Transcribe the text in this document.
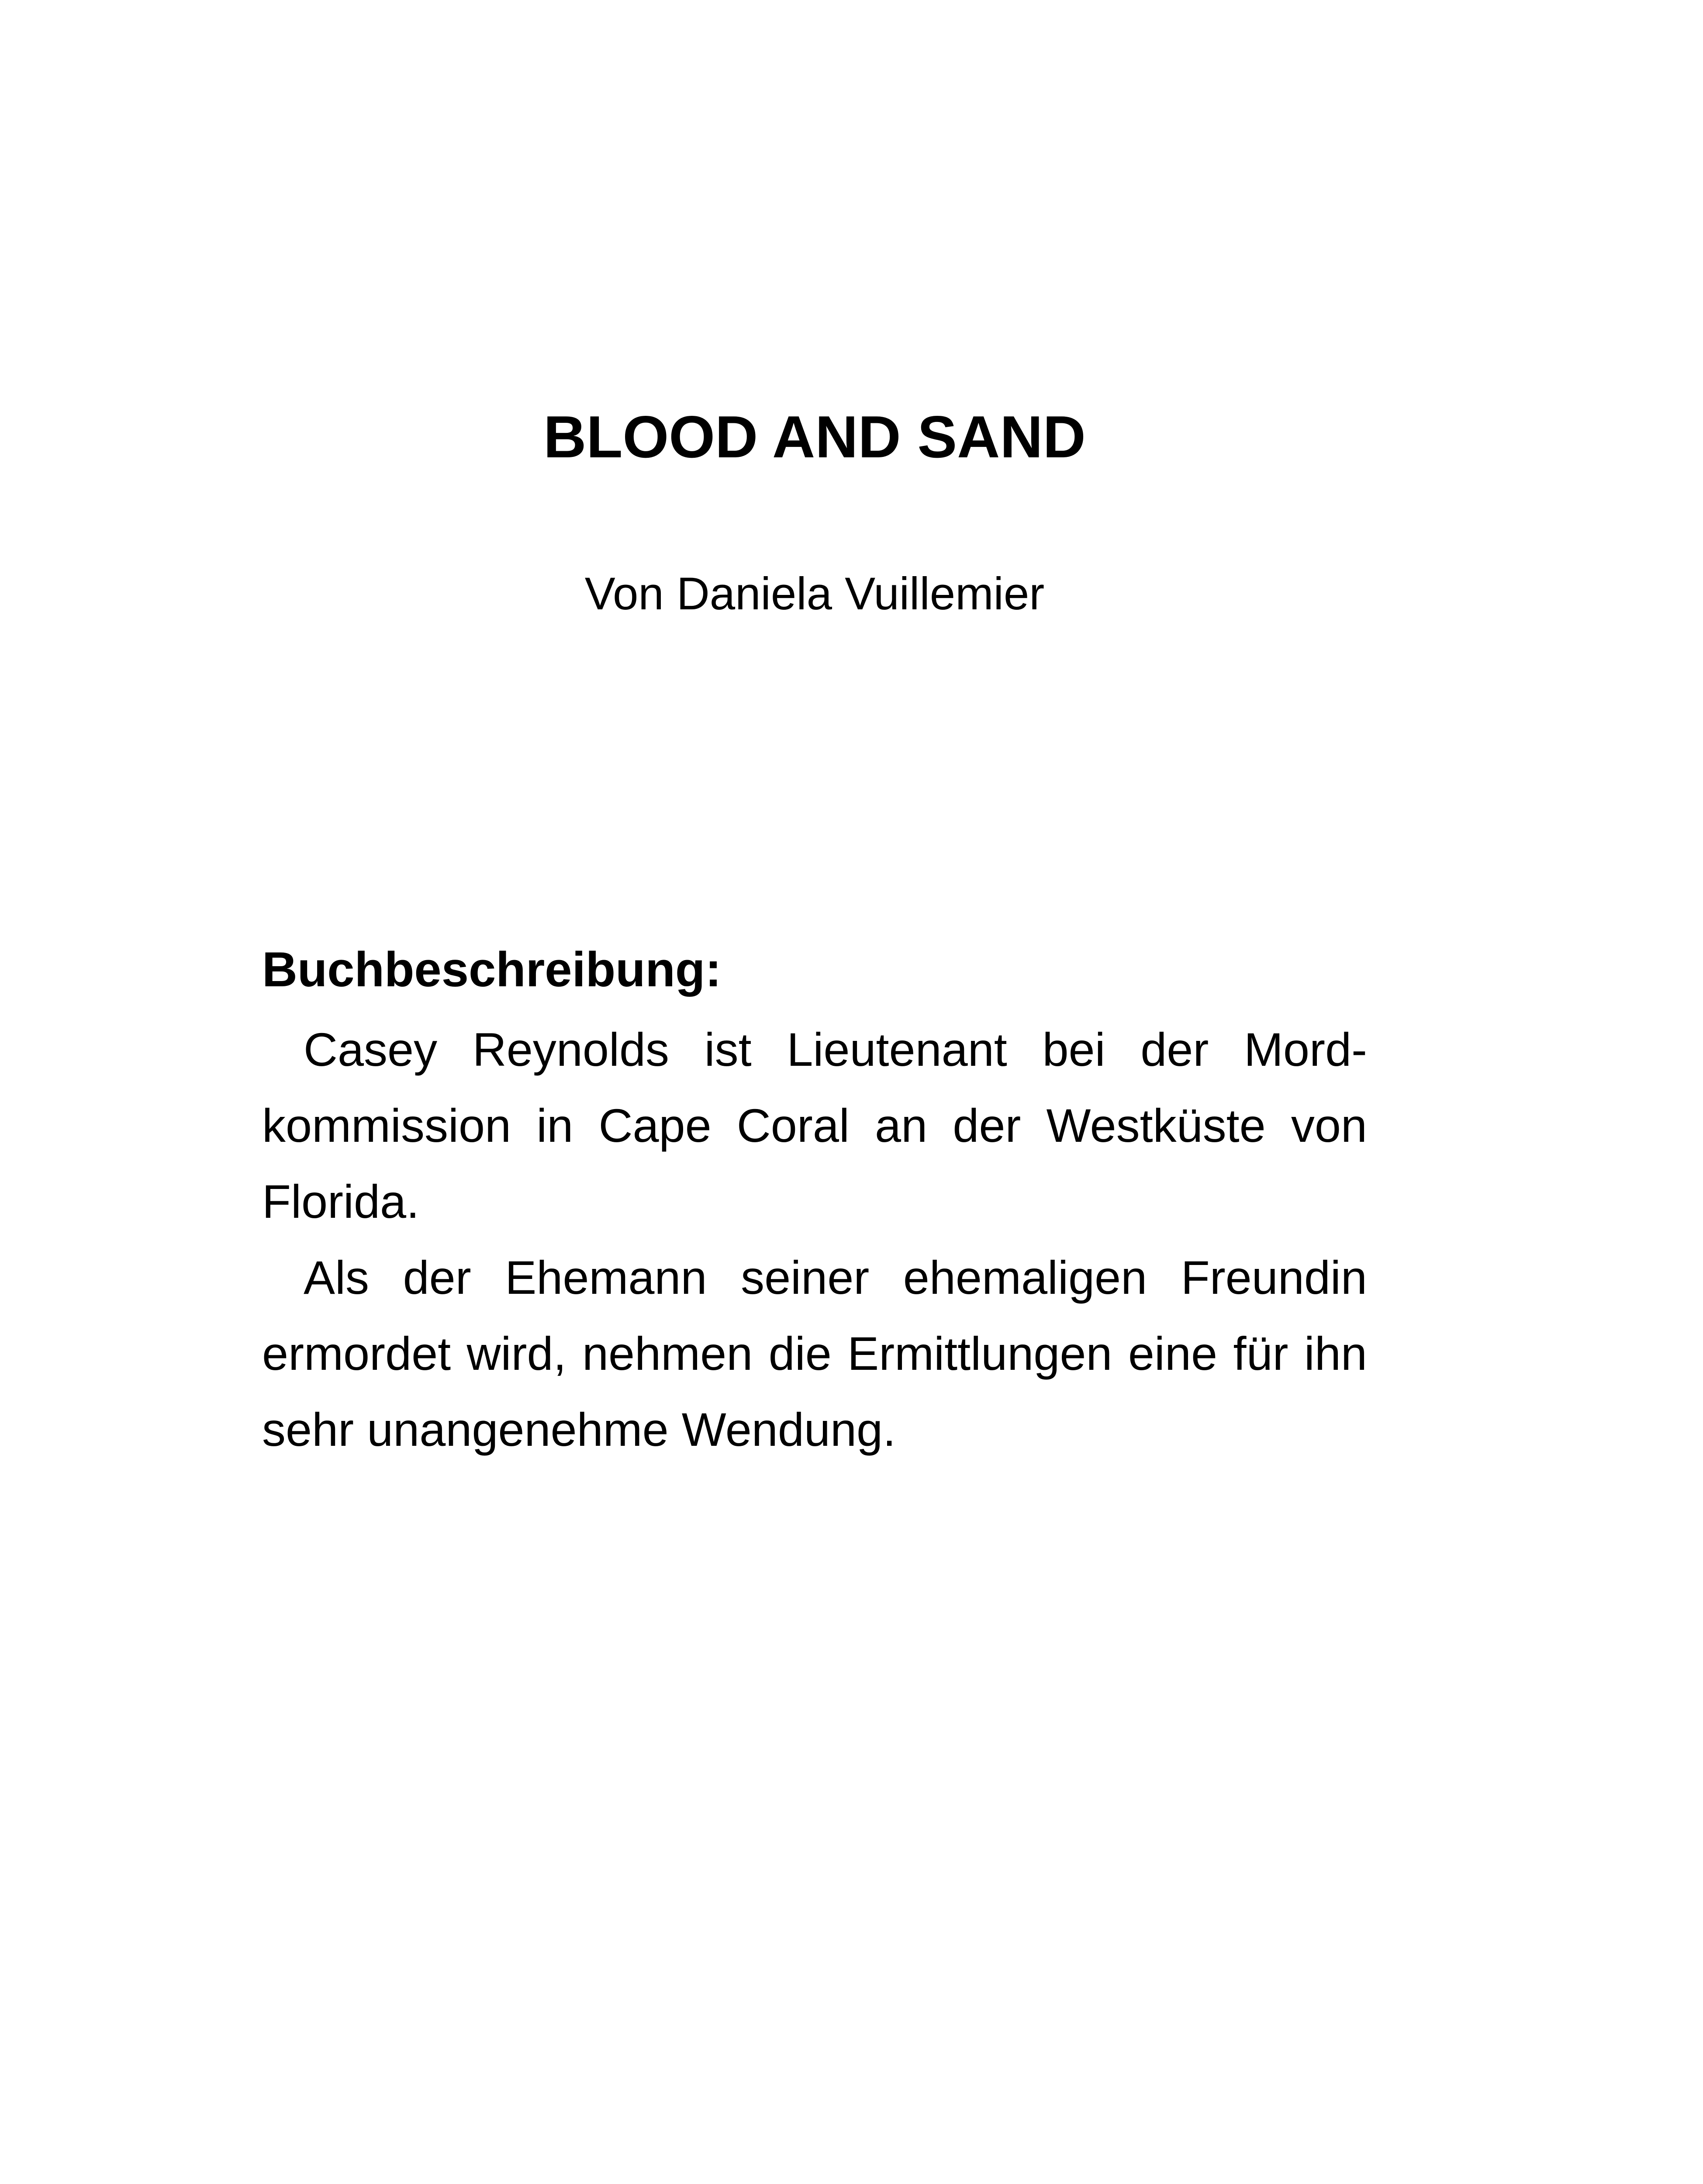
BLOOD AND SAND

Von Daniela Vuillemier

Buchbeschreibung:

Casey Reynolds ist Lieutenant bei der Mordkommission in Cape Coral an der Westküste von Florida.

Als der Ehemann seiner ehemaligen Freundin ermordet wird, nehmen die Ermittlungen eine für ihn sehr unangenehme Wendung.
